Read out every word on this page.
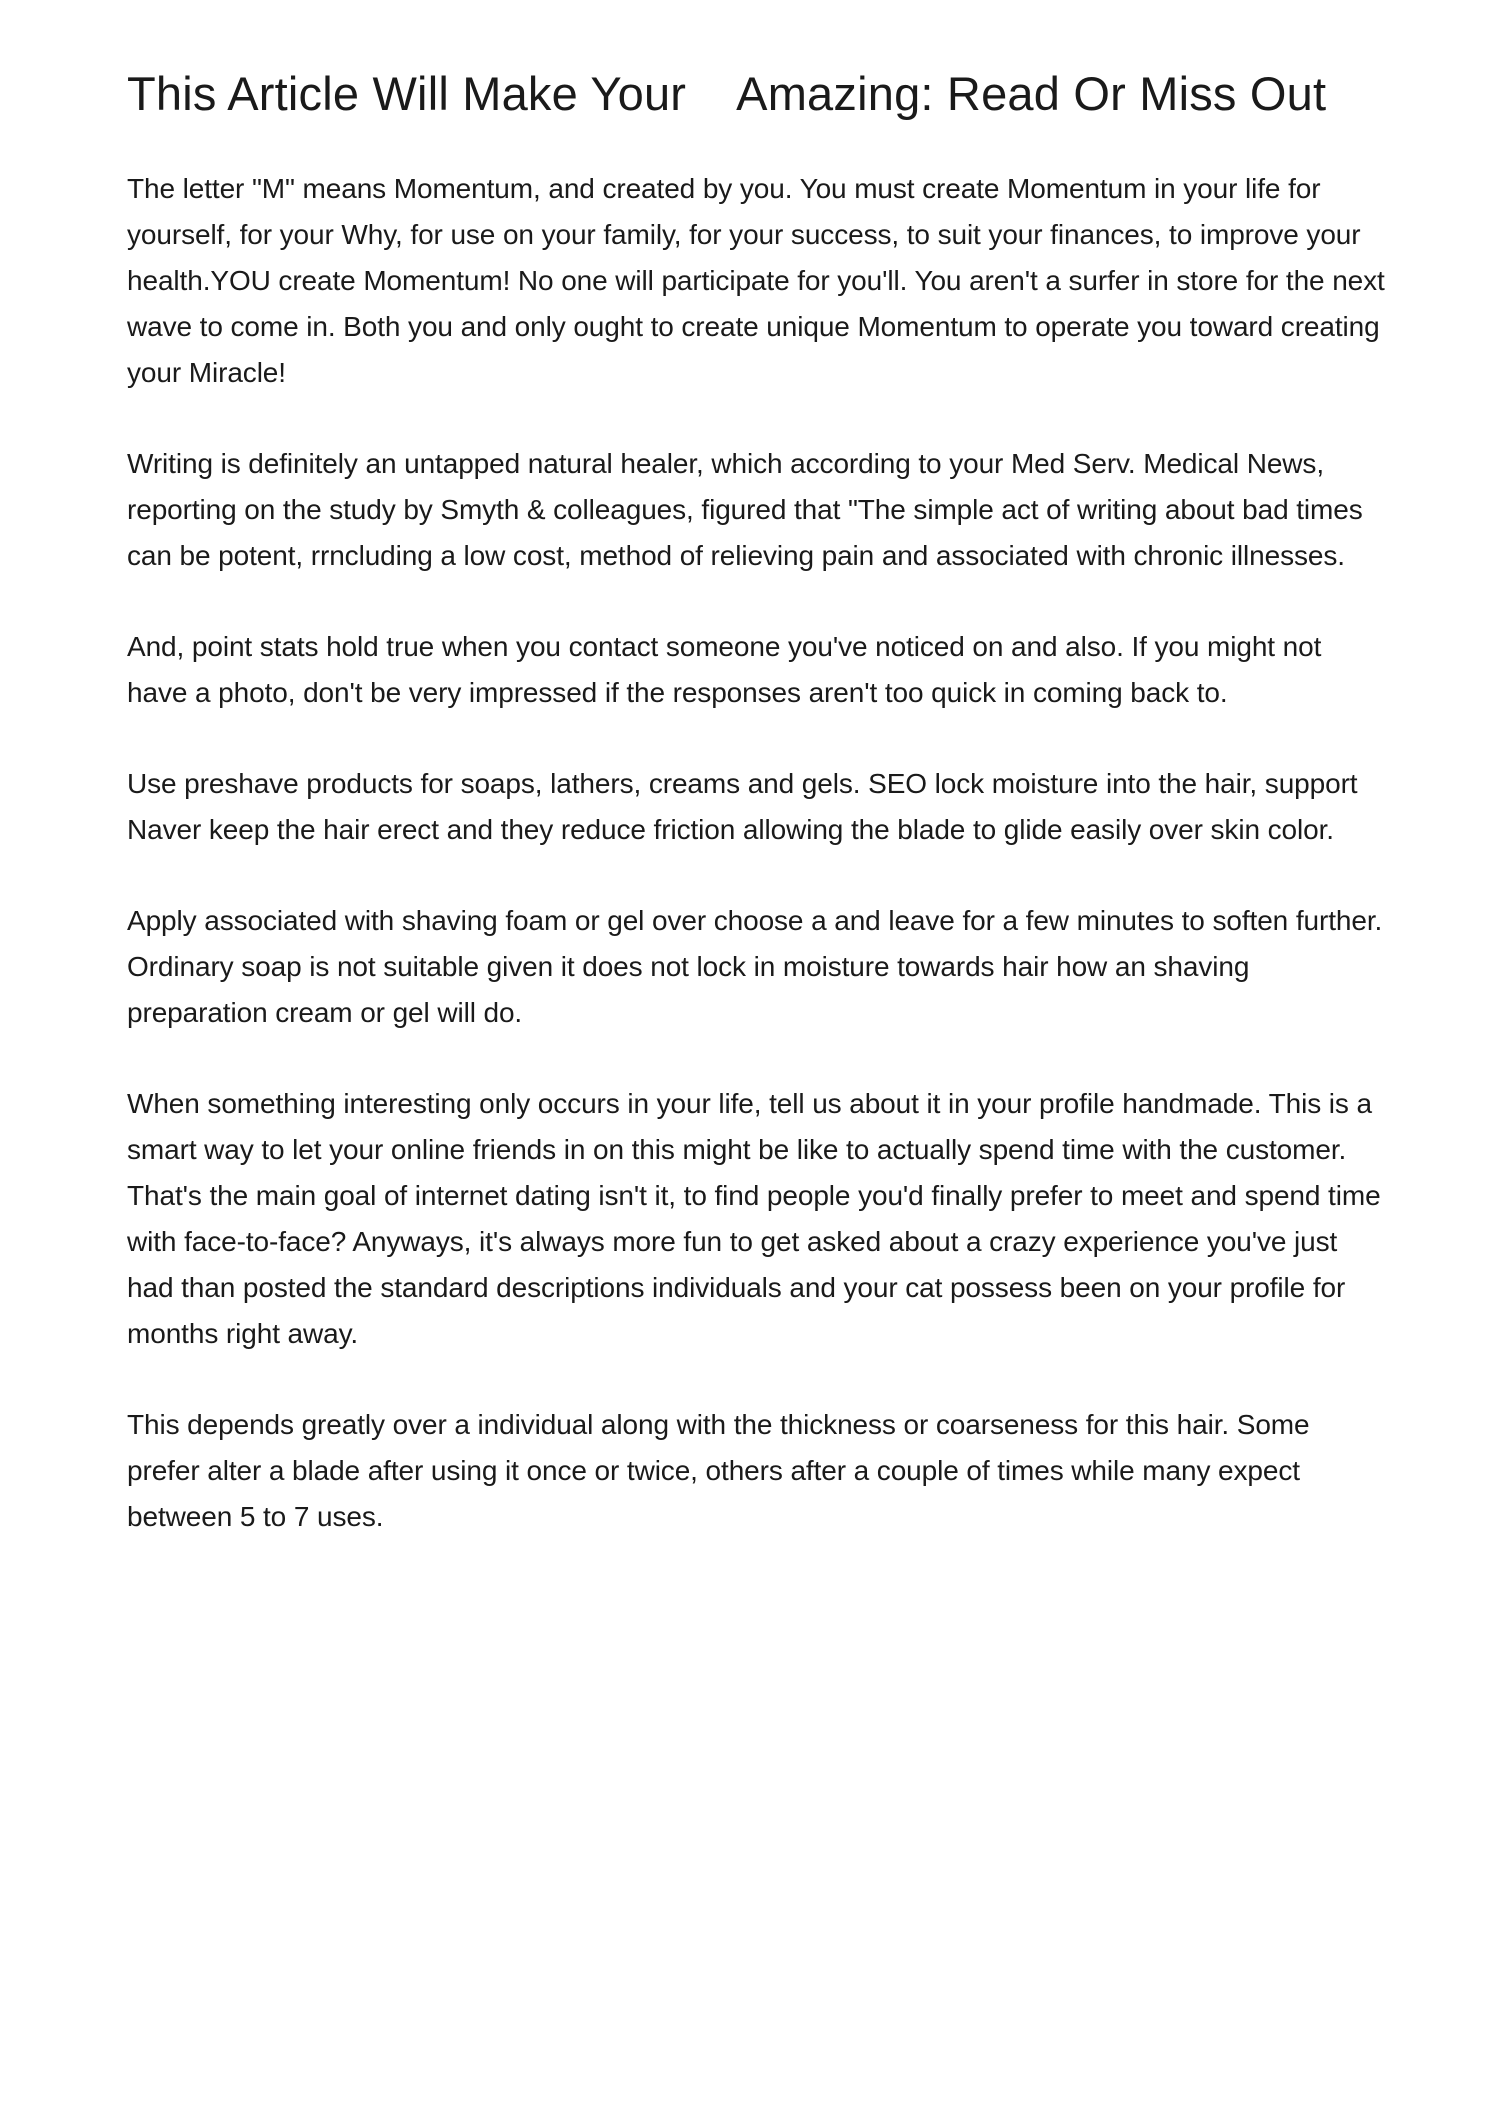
This Article Will Make Your Amazing: Read Or Miss Out

The letter "M" means Momentum, and created by you. You must create Momentum in your life for yourself, for your Why, for use on your family, for your success, to suit your finances, to improve your health.YOU create Momentum! No one will participate for you'll. You aren't a surfer in store for the next wave to come in. Both you and only ought to create unique Momentum to operate you toward creating your Miracle!

Writing is definitely an untapped natural healer, which according to your Med Serv. Medical News, reporting on the study by Smyth & colleagues, figured that "The simple act of writing about bad times can be potent, rrncluding a low cost, method of relieving pain and associated with chronic illnesses.

And, point stats hold true when you contact someone you've noticed on and also. If you might not have a photo, don't be very impressed if the responses aren't too quick in coming back to.

Use preshave products for soaps, lathers, creams and gels. SEO lock moisture into the hair, support Naver keep the hair erect and they reduce friction allowing the blade to glide easily over skin color.

Apply associated with shaving foam or gel over choose a and leave for a few minutes to soften further. Ordinary soap is not suitable given it does not lock in moisture towards hair how an shaving preparation cream or gel will do.

When something interesting only occurs in your life, tell us about it in your profile handmade. This is a smart way to let your online friends in on this might be like to actually spend time with the customer. That's the main goal of internet dating isn't it, to find people you'd finally prefer to meet and spend time with face-to-face? Anyways, it's always more fun to get asked about a crazy experience you've just had than posted the standard descriptions individuals and your cat possess been on your profile for months right away.

This depends greatly over a individual along with the thickness or coarseness for this hair. Some prefer alter a blade after using it once or twice, others after a couple of times while many expect between 5 to 7 uses.
